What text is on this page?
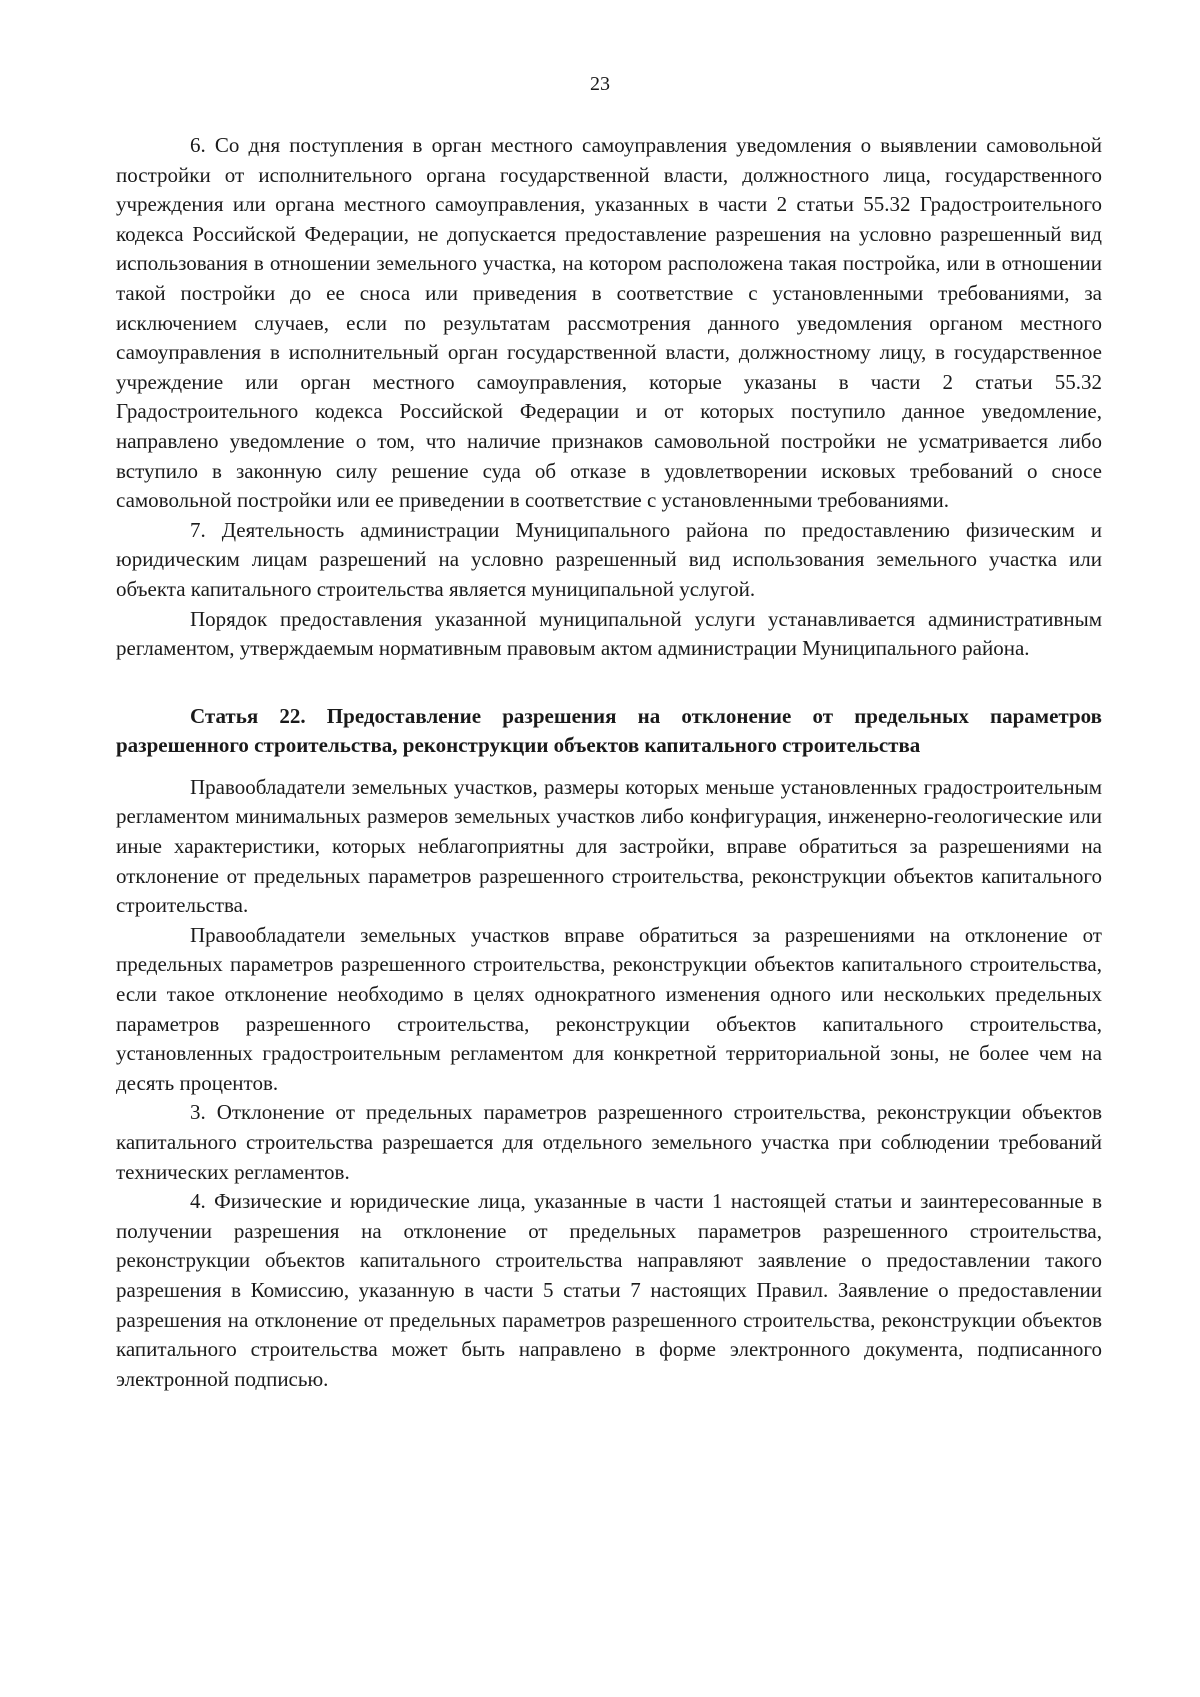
23

6. Со дня поступления в орган местного самоуправления уведомления о выявлении самовольной постройки от исполнительного органа государственной власти, должностного лица, государственного учреждения или органа местного самоуправления, указанных в части 2 статьи 55.32 Градостроительного кодекса Российской Федерации, не допускается предоставление разрешения на условно разрешенный вид использования в отношении земельного участка, на котором расположена такая постройка, или в отношении такой постройки до ее сноса или приведения в соответствие с установленными требованиями, за исключением случаев, если по результатам рассмотрения данного уведомления органом местного самоуправления в исполнительный орган государственной власти, должностному лицу, в государственное учреждение или орган местного самоуправления, которые указаны в части 2 статьи 55.32 Градостроительного кодекса Российской Федерации и от которых поступило данное уведомление, направлено уведомление о том, что наличие признаков самовольной постройки не усматривается либо вступило в законную силу решение суда об отказе в удовлетворении исковых требований о сносе самовольной постройки или ее приведении в соответствие с установленными требованиями.

7. Деятельность администрации Муниципального района по предоставлению физическим и юридическим лицам разрешений на условно разрешенный вид использования земельного участка или объекта капитального строительства является муниципальной услугой.

Порядок предоставления указанной муниципальной услуги устанавливается административным регламентом, утверждаемым нормативным правовым актом администрации Муниципального района.

Статья 22. Предоставление разрешения на отклонение от предельных параметров разрешенного строительства, реконструкции объектов капитального строительства

Правообладатели земельных участков, размеры которых меньше установленных градостроительным регламентом минимальных размеров земельных участков либо конфигурация, инженерно-геологические или иные характеристики, которых неблагоприятны для застройки, вправе обратиться за разрешениями на отклонение от предельных параметров разрешенного строительства, реконструкции объектов капитального строительства.

Правообладатели земельных участков вправе обратиться за разрешениями на отклонение от предельных параметров разрешенного строительства, реконструкции объектов капитального строительства, если такое отклонение необходимо в целях однократного изменения одного или нескольких предельных параметров разрешенного строительства, реконструкции объектов капитального строительства, установленных градостроительным регламентом для конкретной территориальной зоны, не более чем на десять процентов.

3. Отклонение от предельных параметров разрешенного строительства, реконструкции объектов капитального строительства разрешается для отдельного земельного участка при соблюдении требований технических регламентов.

4. Физические и юридические лица, указанные в части 1 настоящей статьи и заинтересованные в получении разрешения на отклонение от предельных параметров разрешенного строительства, реконструкции объектов капитального строительства направляют заявление о предоставлении такого разрешения в Комиссию, указанную в части 5 статьи 7 настоящих Правил. Заявление о предоставлении разрешения на отклонение от предельных параметров разрешенного строительства, реконструкции объектов капитального строительства может быть направлено в форме электронного документа, подписанного электронной подписью.
